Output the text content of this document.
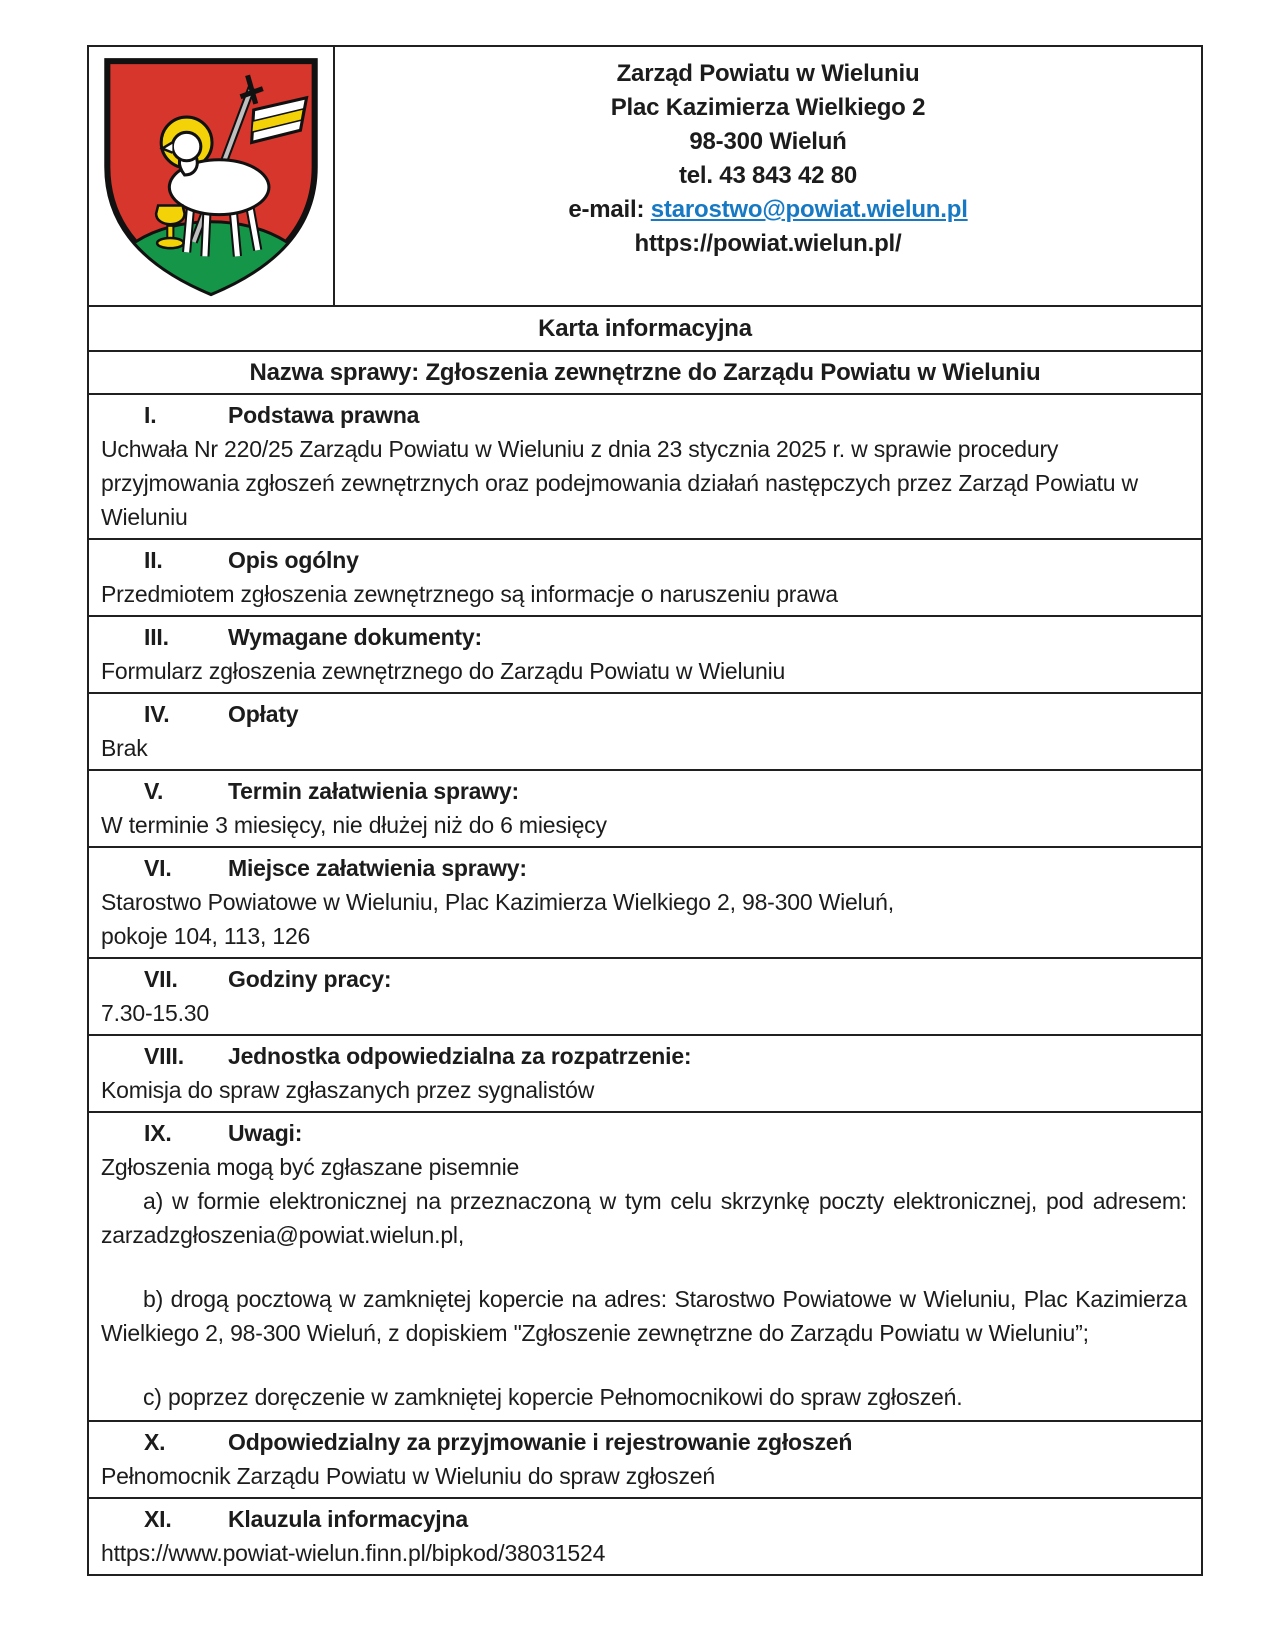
Zarząd Powiatu w Wieluniu
Plac Kazimierza Wielkiego 2
98-300 Wieluń
tel. 43 843 42 80
e-mail: starostwo@powiat.wielun.pl
https://powiat.wielun.pl/
Karta informacyjna
Nazwa sprawy: Zgłoszenia zewnętrzne do Zarządu Powiatu w Wieluniu
I.	Podstawa prawna

Uchwała Nr 220/25 Zarządu Powiatu w Wieluniu z dnia 23 stycznia 2025 r. w sprawie procedury przyjmowania zgłoszeń zewnętrznych oraz podejmowania działań następczych przez Zarząd Powiatu w Wieluniu

II.	Opis ogólny

Przedmiotem zgłoszenia zewnętrznego są informacje o naruszeniu prawa

III.	Wymagane dokumenty:

Formularz zgłoszenia zewnętrznego do Zarządu Powiatu w Wieluniu

IV.	Opłaty

Brak

V.	Termin załatwienia sprawy:

W terminie 3 miesięcy, nie dłużej niż do 6 miesięcy

VI.	Miejsce załatwienia sprawy:

Starostwo Powiatowe w Wieluniu, Plac Kazimierza Wielkiego 2, 98-300 Wieluń,

pokoje 104, 113, 126

VII.	Godziny pracy:

7.30-15.30

VIII.	Jednostka odpowiedzialna za rozpatrzenie:

Komisja do spraw zgłaszanych przez sygnalistów

IX.	Uwagi:

Zgłoszenia mogą być zgłaszane pisemnie

a) w formie elektronicznej na przeznaczoną w tym celu skrzynkę poczty elektronicznej, pod adresem: zarzadzgłoszenia@powiat.wielun.pl,

b) drogą pocztową w zamkniętej kopercie na adres: Starostwo Powiatowe w Wieluniu, Plac Kazimierza Wielkiego 2, 98-300 Wieluń, z dopiskiem "Zgłoszenie zewnętrzne do Zarządu Powiatu w Wieluniu”;

c) poprzez doręczenie w zamkniętej kopercie Pełnomocnikowi do spraw zgłoszeń.

X.	Odpowiedzialny za przyjmowanie i rejestrowanie zgłoszeń

Pełnomocnik Zarządu Powiatu w Wieluniu do spraw zgłoszeń

XI.	Klauzula informacyjna

https://www.powiat-wielun.finn.pl/bipkod/38031524
